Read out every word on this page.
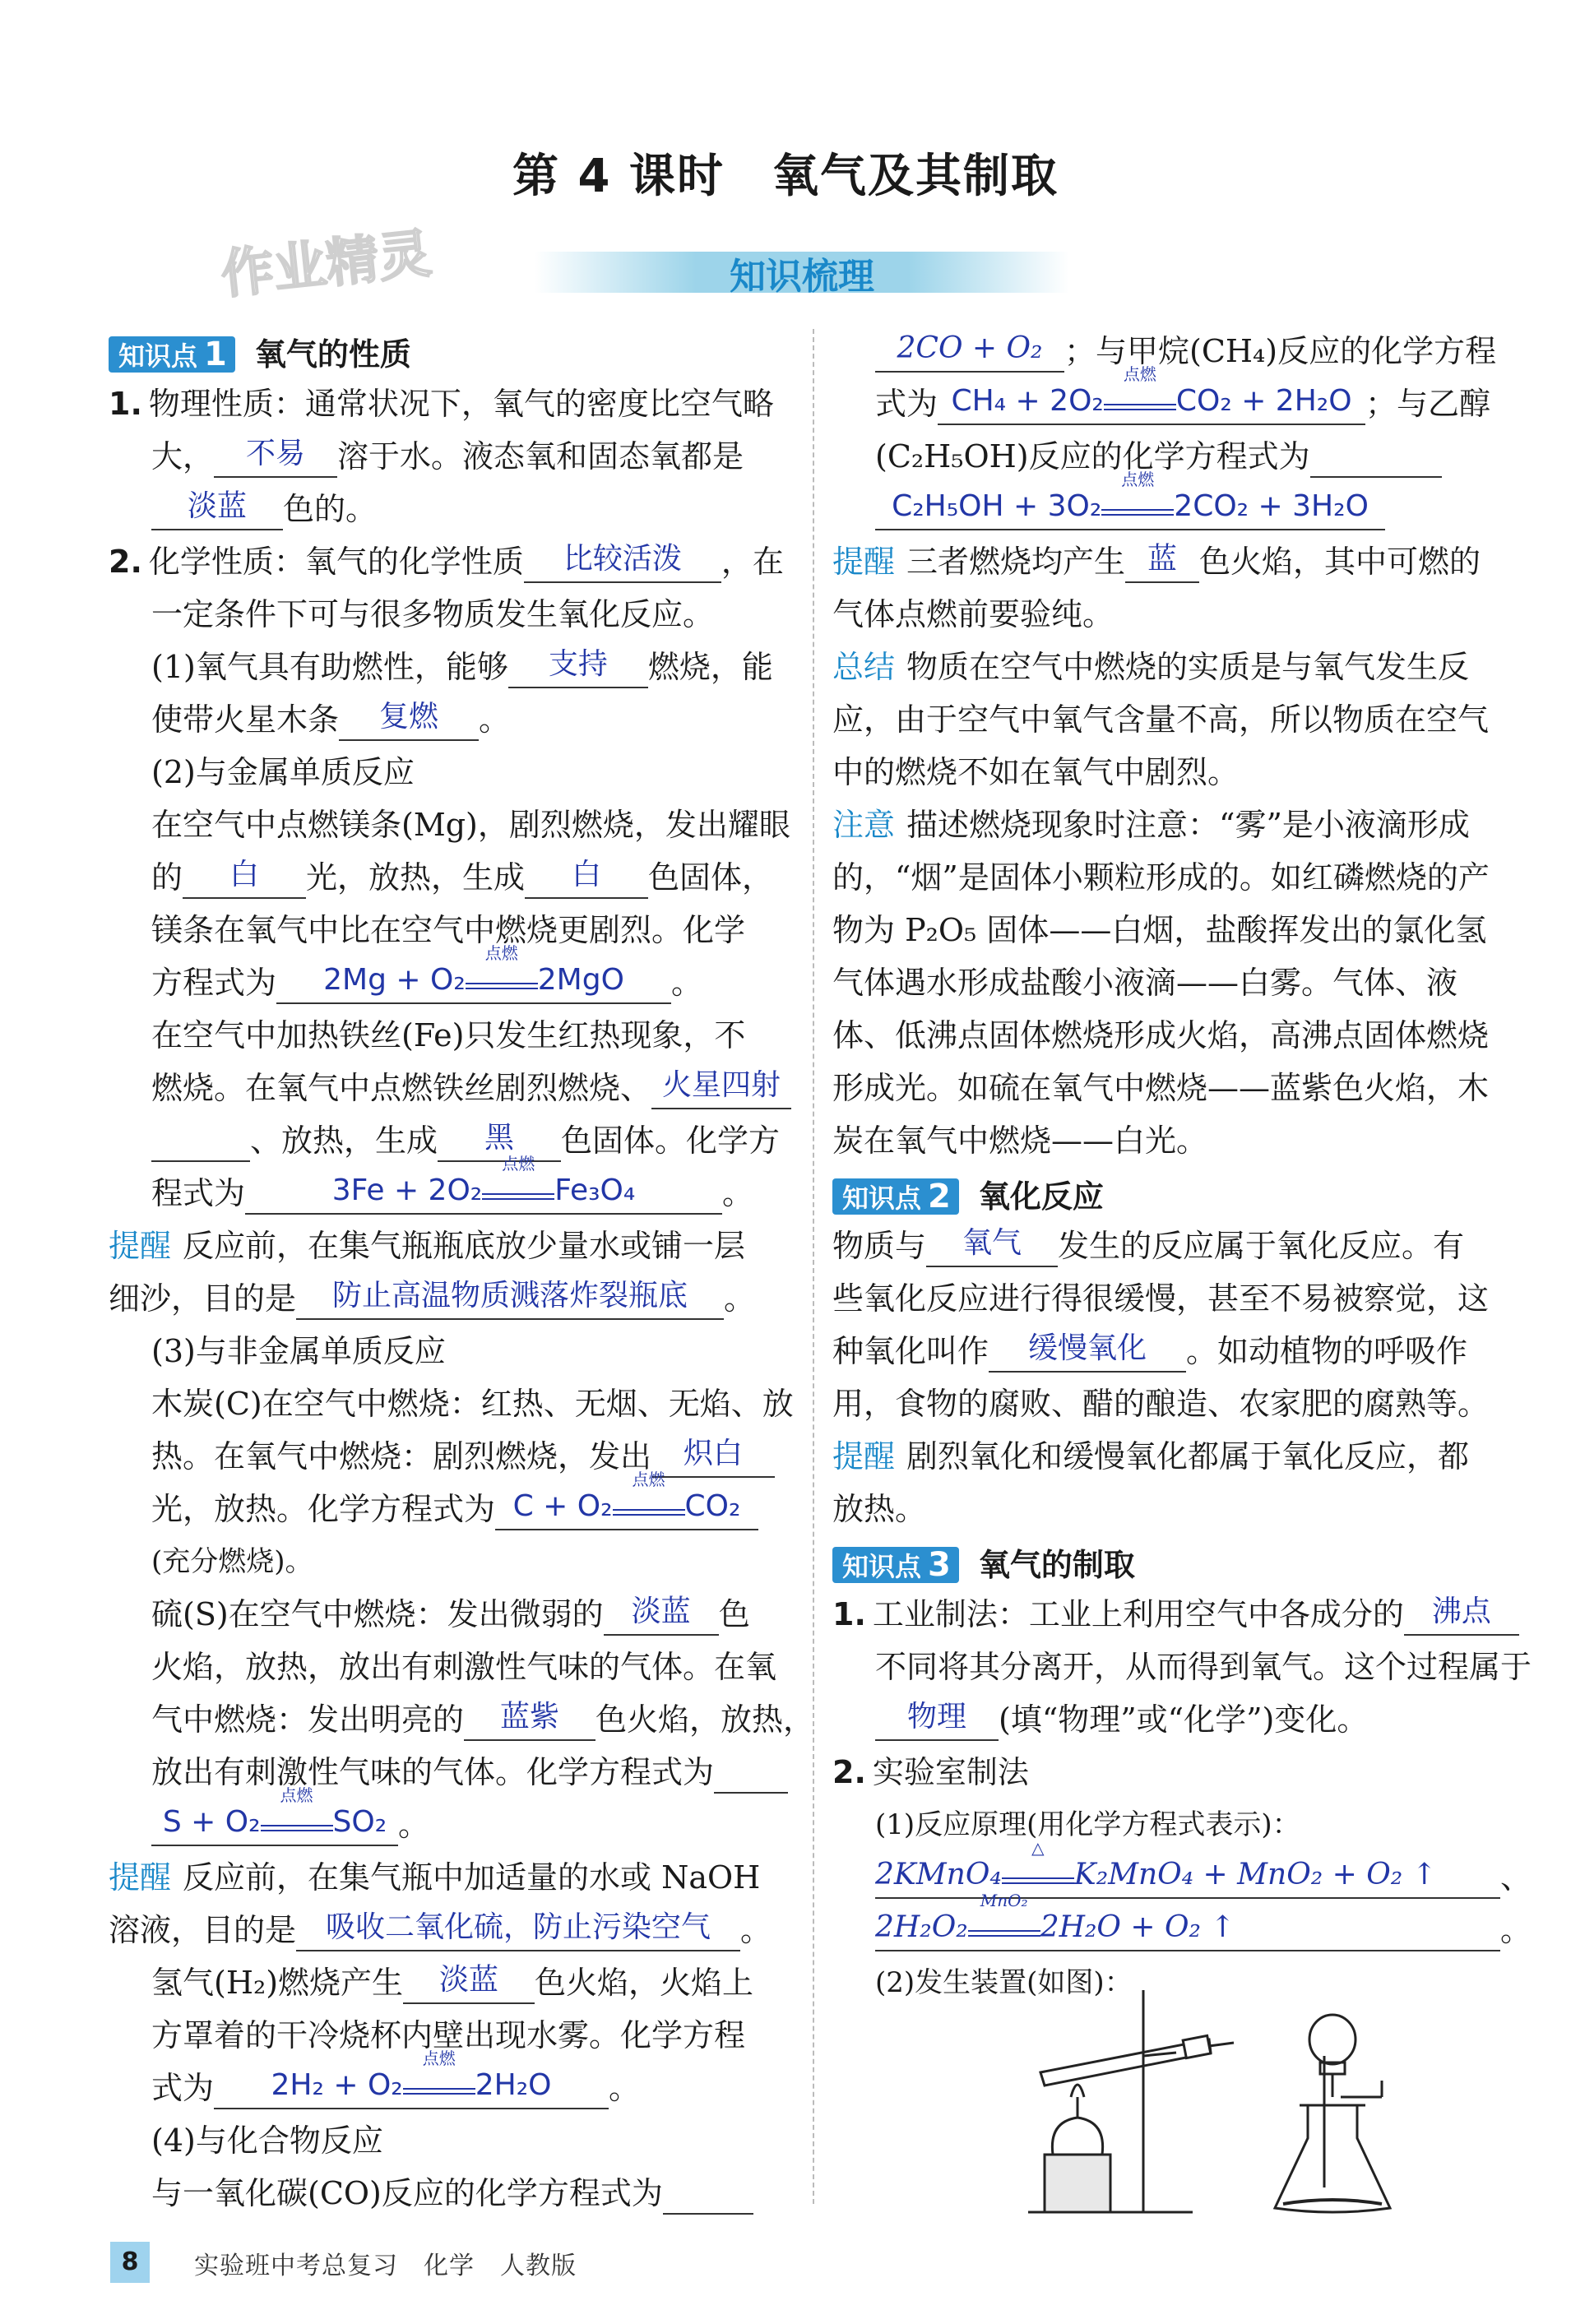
第 4 课时　氧气及其制取
作业精灵	知识梳理
知识点 1 氧气的性质
1. 物理性质：通常状况下，氧气的密度比空气略
大， 不易 溶于水。液态氧和固态氧都是
淡蓝 色的。
2. 化学性质：氧气的化学性质 比较活泼 ，在
一定条件下可与很多物质发生氧化反应。
(1)氧气具有助燃性，能够 支持 燃烧，能
使带火星木条 复燃 。
(2)与金属单质反应
在空气中点燃镁条(Mg)，剧烈燃烧，发出耀眼
的 白 光，放热，生成 白 色固体，
镁条在氧气中比在空气中燃烧更剧烈。化学
方程式为 2Mg + O₂
点燃
2MgO 。
在空气中加热铁丝(Fe)只发生红热现象，不
燃烧。在氧气中点燃铁丝剧烈燃烧、 火星四射
、放热，生成 黑 色固体。化学方
程式为	3Fe + 2O₂
点燃
Fe₃O₄	。
提醒 反应前，在集气瓶瓶底放少量水或铺一层
细沙，目的是 防止高温物质溅落炸裂瓶底 。
(3)与非金属单质反应
木炭(C)在空气中燃烧：红热、无烟、无焰、放
热。在氧气中燃烧：剧烈燃烧，发出 炽白
光，放热。化学方程式为 C + O₂
点燃
CO₂
(充分燃烧)。
硫(S)在空气中燃烧：发出微弱的 淡蓝 色
火焰，放热，放出有刺激性气味的气体。在氧
气中燃烧：发出明亮的 蓝紫 色火焰，放热，
放出有刺激性气味的气体。化学方程式为
S + O₂
点燃
SO₂ 。
提醒 反应前，在集气瓶中加适量的水或 NaOH
溶液，目的是 吸收二氧化硫，防止污染空气 。
氢气(H₂)燃烧产生 淡蓝 色火焰，火焰上
方罩着的干冷烧杯内壁出现水雾。化学方程
式为 2H₂ + O₂
点燃
2H₂O 。
(4)与化合物反应
与一氧化碳(CO)反应的化学方程式为
2CO + O₂ ；与甲烷(CH₄)反应的化学方程
式为 CH₄ + 2O₂
点燃
CO₂ + 2H₂O ；与乙醇
(C₂H₅OH)反应的化学方程式为
C₂H₅OH + 3O₂
点燃
2CO₂ + 3H₂O
提醒 三者燃烧均产生 蓝 色火焰，其中可燃的
气体点燃前要验纯。
总结 物质在空气中燃烧的实质是与氧气发生反
应，由于空气中氧气含量不高，所以物质在空气
中的燃烧不如在氧气中剧烈。
注意 描述燃烧现象时注意：“雾”是小液滴形成
的，“烟”是固体小颗粒形成的。如红磷燃烧的产
物为 P₂O₅ 固体——白烟，盐酸挥发出的氯化氢
气体遇水形成盐酸小液滴——白雾。气体、液
体、低沸点固体燃烧形成火焰，高沸点固体燃烧
形成光。如硫在氧气中燃烧——蓝紫色火焰，木
炭在氧气中燃烧——白光。
知识点 2 氧化反应
物质与 氧气 发生的反应属于氧化反应。有
些氧化反应进行得很缓慢，甚至不易被察觉，这
种氧化叫作 缓慢氧化 。如动植物的呼吸作
用，食物的腐败、醋的酿造、农家肥的腐熟等。
提醒 剧烈氧化和缓慢氧化都属于氧化反应，都
放热。
知识点 3 氧气的制取
1. 工业制法：工业上利用空气中各成分的 沸点
不同将其分离开，从而得到氧气。这个过程属于
物理 (填“物理”或“化学”)变化。
2. 实验室制法
(1)反应原理(用化学方程式表示)：
2KMnO₄
△
K₂MnO₄ + MnO₂ + O₂ ↑ 、
2H₂O₂
MnO₂
2H₂O + O₂ ↑	。
(2)发生装置(如图)：
8	实验班中考总复习　化学　人教版
